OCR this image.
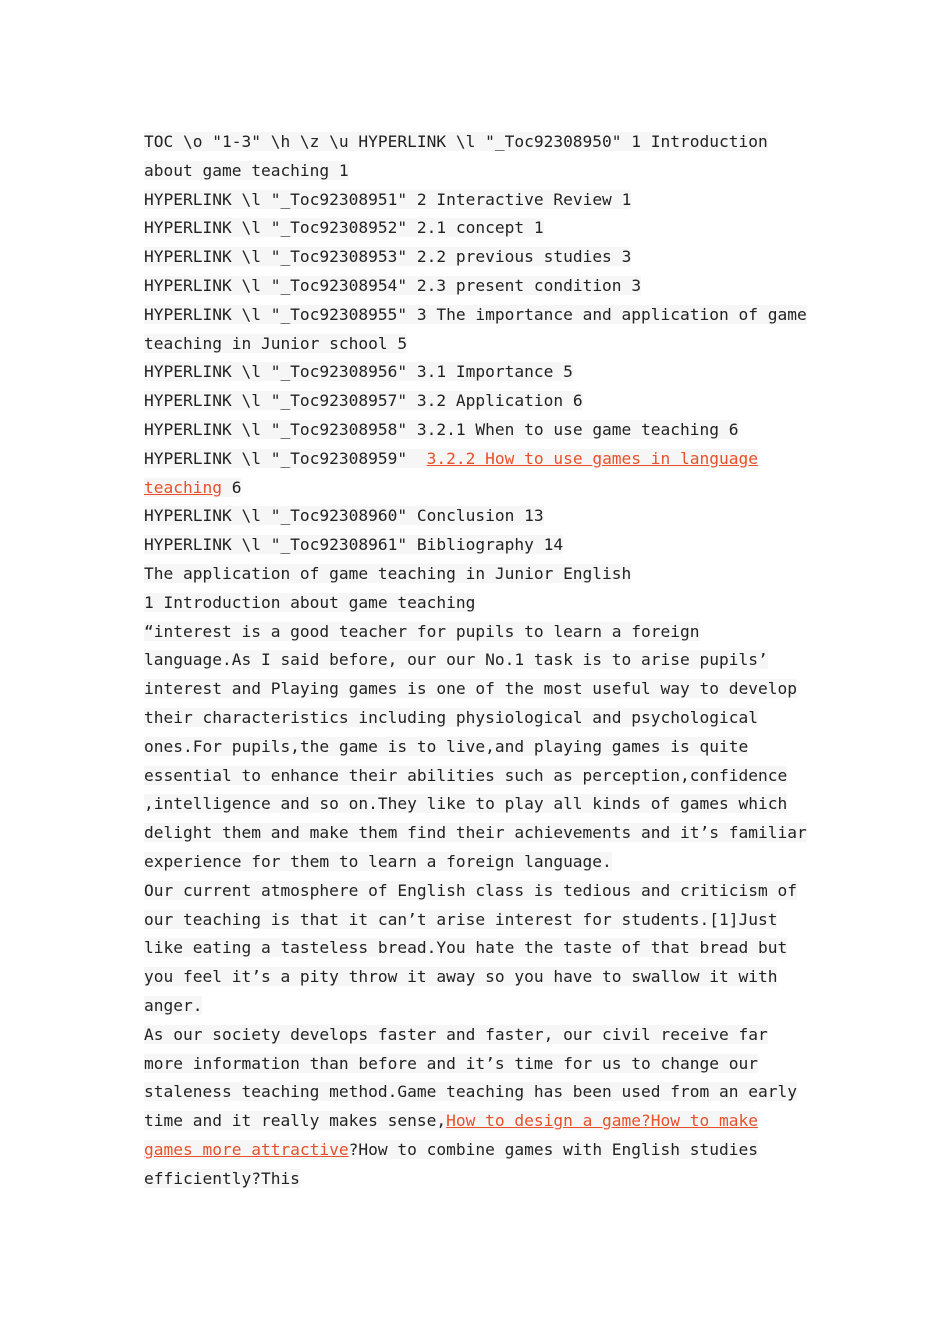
TOC \o "1-3" \h \z \u HYPERLINK \l "_Toc92308950" 1 Introduction about game teaching 1
HYPERLINK \l "_Toc92308951" 2 Interactive Review 1
HYPERLINK \l "_Toc92308952" 2.1 concept 1
HYPERLINK \l "_Toc92308953" 2.2 previous studies 3
HYPERLINK \l "_Toc92308954" 2.3 present condition 3
HYPERLINK \l "_Toc92308955" 3 The importance and application of game teaching in Junior school 5
HYPERLINK \l "_Toc92308956" 3.1 Importance 5
HYPERLINK \l "_Toc92308957" 3.2 Application 6
HYPERLINK \l "_Toc92308958" 3.2.1 When to use game teaching 6
HYPERLINK \l "_Toc92308959" 3.2.2 How to use games in language teaching 6
HYPERLINK \l "_Toc92308960" Conclusion 13
HYPERLINK \l "_Toc92308961" Bibliography 14
The application of game teaching in Junior English
1 Introduction about game teaching
“interest is a good teacher for pupils to learn a foreign language.As I said before, our our No.1 task is to arise pupils’ interest and Playing games is one of the most useful way to develop their characteristics including physiological and psychological ones.For pupils,the game is to live,and playing games is quite essential to enhance their abilities such as perception,confidence ,intelligence and so on.They like to play all kinds of games which delight them and make them find their achievements and it’s familiar experience for them to learn a foreign language.
Our current atmosphere of English class is tedious and criticism of our teaching is that it can’t arise interest for students.[1]Just like eating a tasteless bread.You hate the taste of that bread but you feel it’s a pity throw it away so you have to swallow it with anger.
As our society develops faster and faster, our civil receive far more information than before and it’s time for us to change our staleness teaching method.Game teaching has been used from an early time and it really makes sense,How to design a game?How to make games more attractive?How to combine games with English studies efficiently?This
